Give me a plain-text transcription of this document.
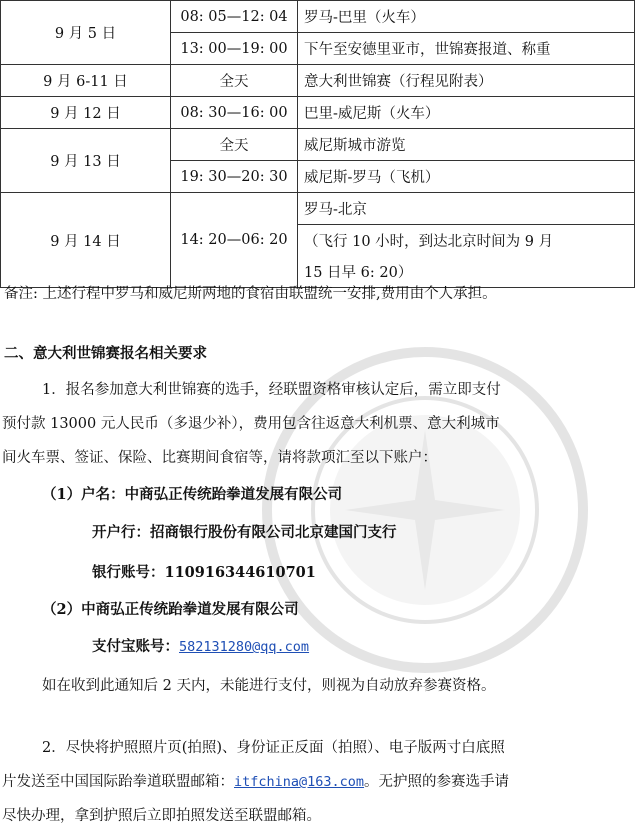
9 月 5 日	08: 05—12: 04	罗马-巴里（火车）
	13: 00—19: 00	下午至安德里亚市，世锦赛报道、称重
9 月 6-11 日	全天	意大利世锦赛（行程见附表）
9 月 12 日	08: 30—16: 00	巴里-威尼斯（火车）
9 月 13 日	全天	威尼斯城市游览
	19: 30—20: 30	威尼斯-罗马（飞机）
9 月 14 日	14: 20—06: 20	罗马-北京
		（飞行 10 小时，到达北京时间为 9 月
		15 日早 6: 20）
备注: 上述行程中罗马和威尼斯两地的食宿由联盟统一安排,费用由个人承担。
二、意大利世锦赛报名相关要求
1．报名参加意大利世锦赛的选手，经联盟资格审核认定后，需立即支付
预付款 13000 元人民币（多退少补），费用包含往返意大利机票、意大利城市
间火车票、签证、保险、比赛期间食宿等，请将款项汇至以下账户：
（1）户名：中商弘正传统跆拳道发展有限公司
开户行：招商银行股份有限公司北京建国门支行
银行账号：110916344610701
（2）中商弘正传统跆拳道发展有限公司
支付宝账号：582131280@qq.com
如在收到此通知后 2 天内，未能进行支付，则视为自动放弃参赛资格。
2．尽快将护照照片页(拍照)、身份证正反面（拍照）、电子版两寸白底照
片发送至中国国际跆拳道联盟邮箱：itfchina@163.com。无护照的参赛选手请
尽快办理，拿到护照后立即拍照发送至联盟邮箱。
